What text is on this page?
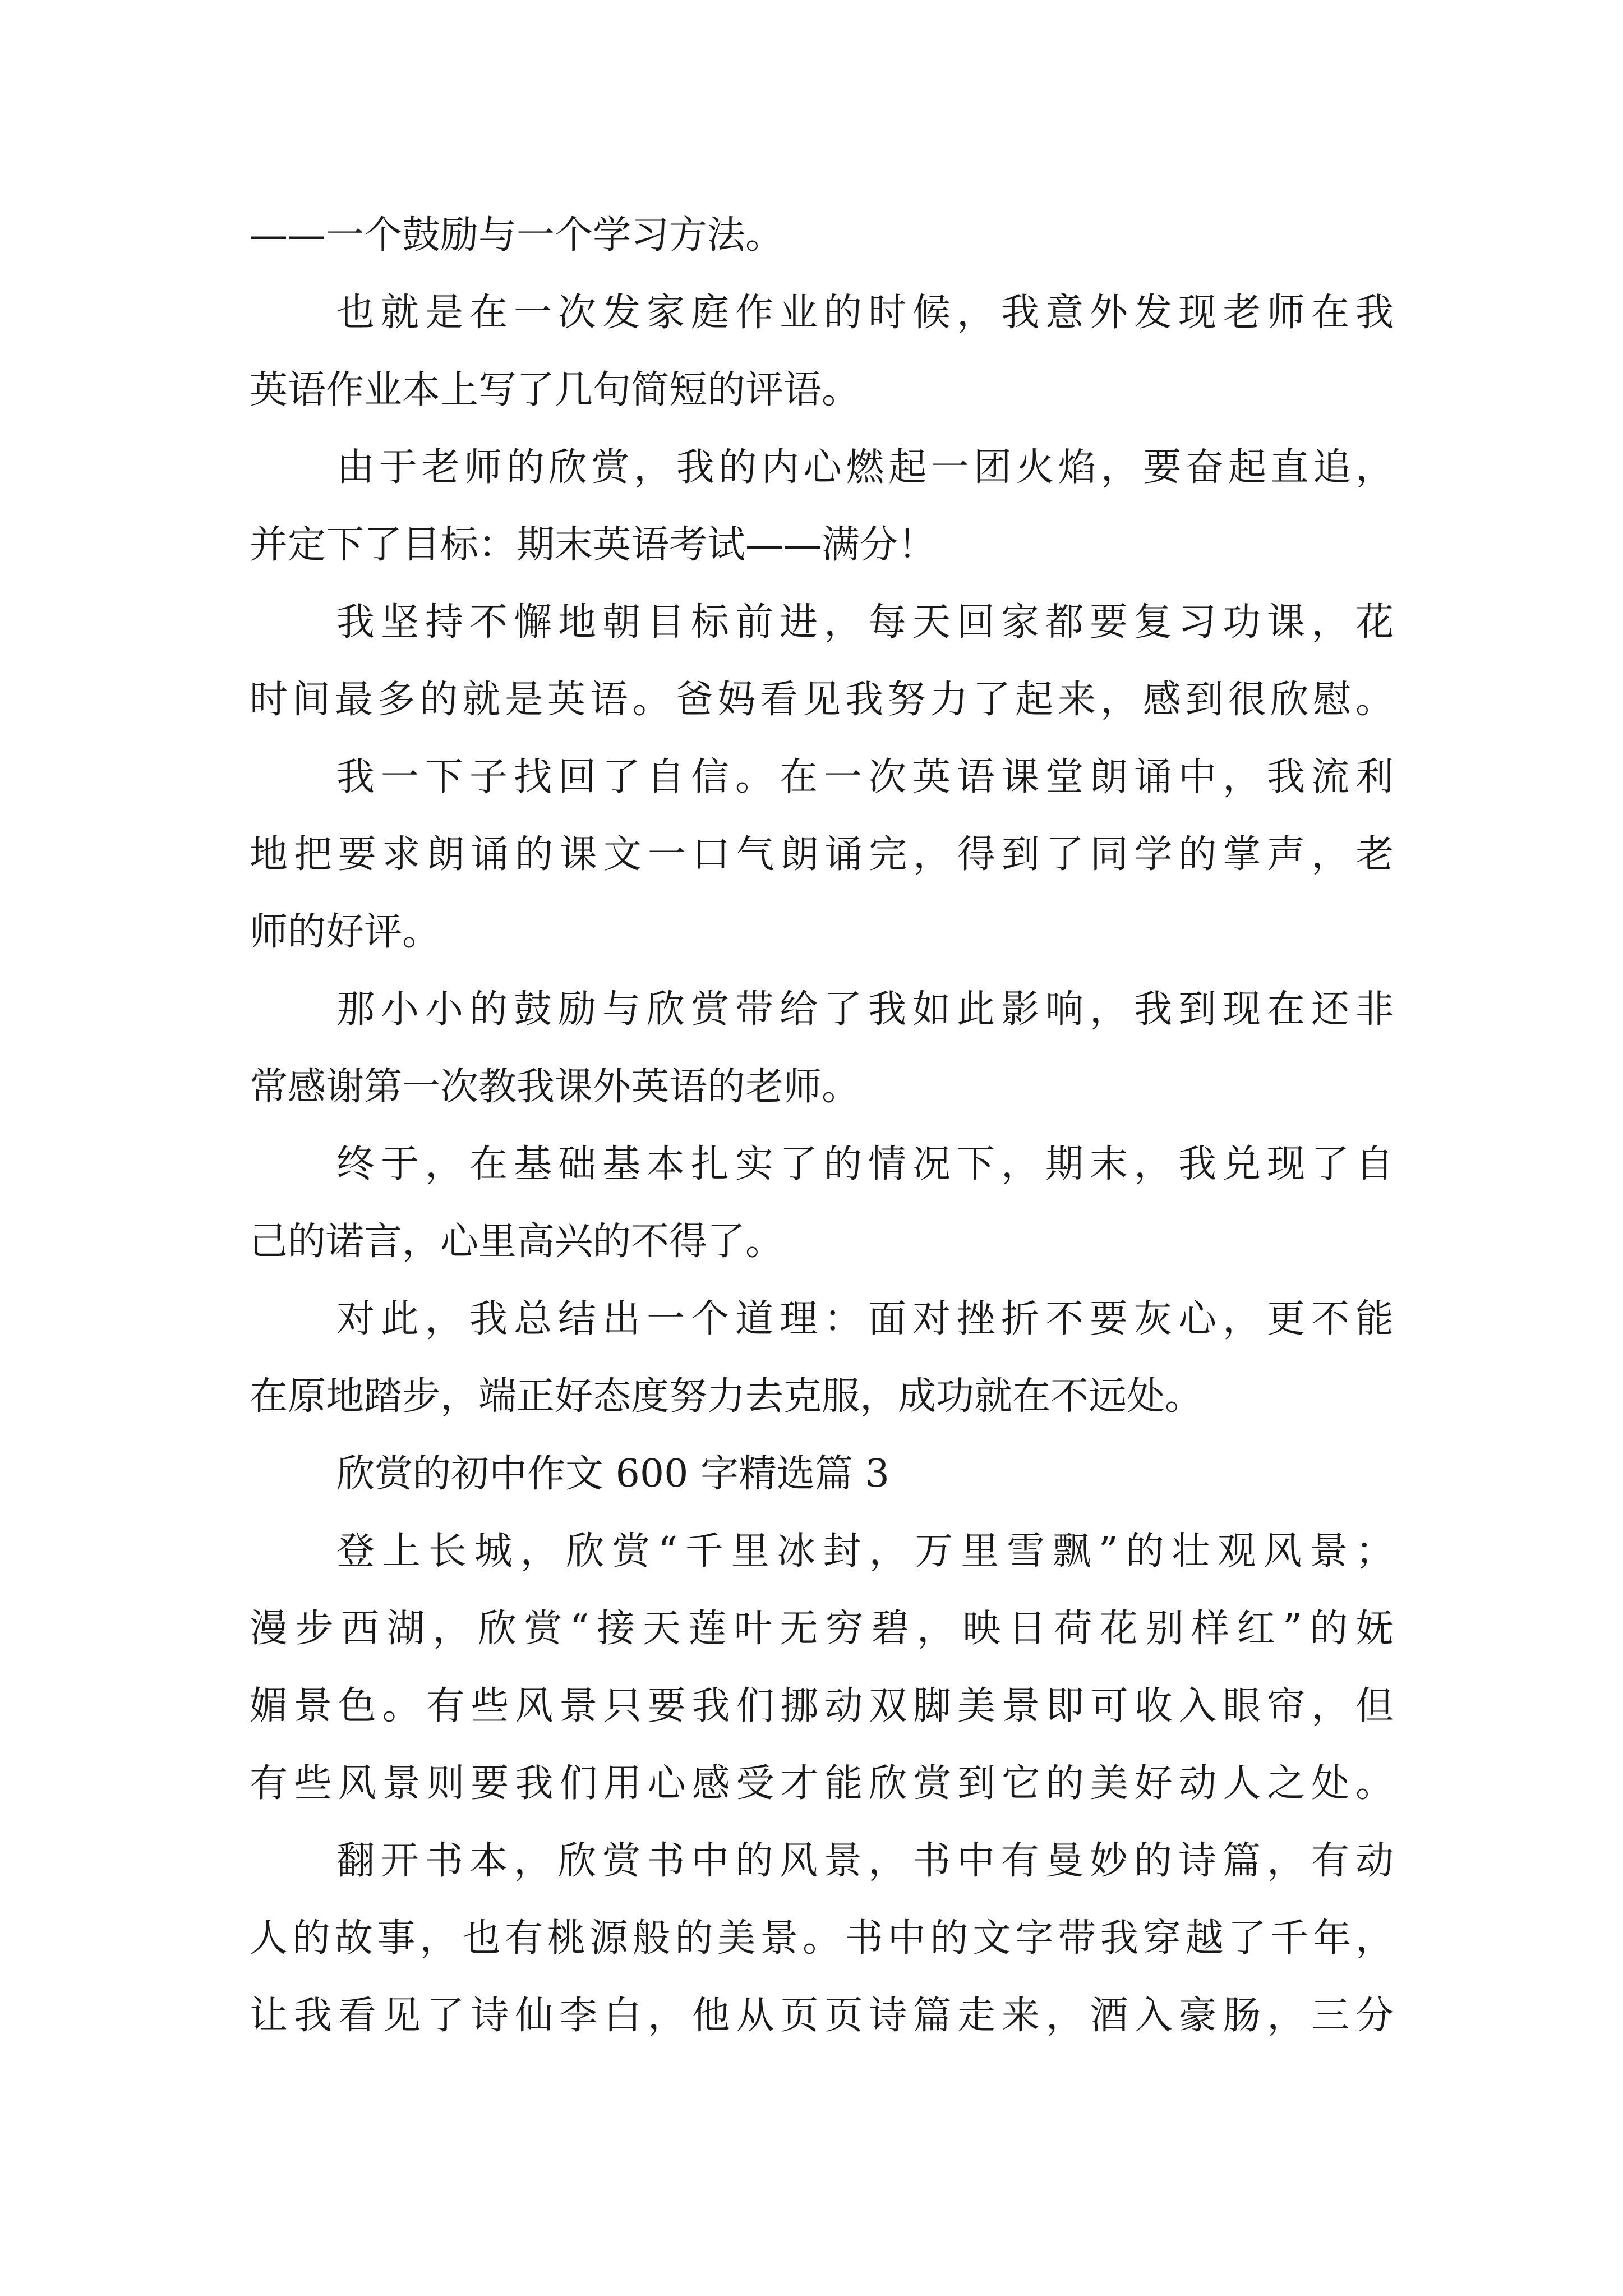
——一个鼓励与一个学习方法。
也就是在一次发家庭作业的时候，我意外发现老师在我
英语作业本上写了几句简短的评语。
由于老师的欣赏，我的内心燃起一团火焰，要奋起直追，
并定下了目标：期末英语考试——满分！
我坚持不懈地朝目标前进，每天回家都要复习功课，花
时间最多的就是英语。爸妈看见我努力了起来，感到很欣慰。
我一下子找回了自信。在一次英语课堂朗诵中，我流利
地把要求朗诵的课文一口气朗诵完，得到了同学的掌声，老
师的好评。
那小小的鼓励与欣赏带给了我如此影响，我到现在还非
常感谢第一次教我课外英语的老师。
终于，在基础基本扎实了的情况下，期末，我兑现了自
己的诺言，心里高兴的不得了。
对此，我总结出一个道理：面对挫折不要灰心，更不能
在原地踏步，端正好态度努力去克服，成功就在不远处。
欣赏的初中作文 600 字精选篇 3
登上长城，欣赏“千里冰封，万里雪飘”的壮观风景；
漫步西湖，欣赏“接天莲叶无穷碧，映日荷花别样红”的妩
媚景色。有些风景只要我们挪动双脚美景即可收入眼帘，但
有些风景则要我们用心感受才能欣赏到它的美好动人之处。
翻开书本，欣赏书中的风景，书中有曼妙的诗篇，有动
人的故事，也有桃源般的美景。书中的文字带我穿越了千年，
让我看见了诗仙李白，他从页页诗篇走来，酒入豪肠，三分
